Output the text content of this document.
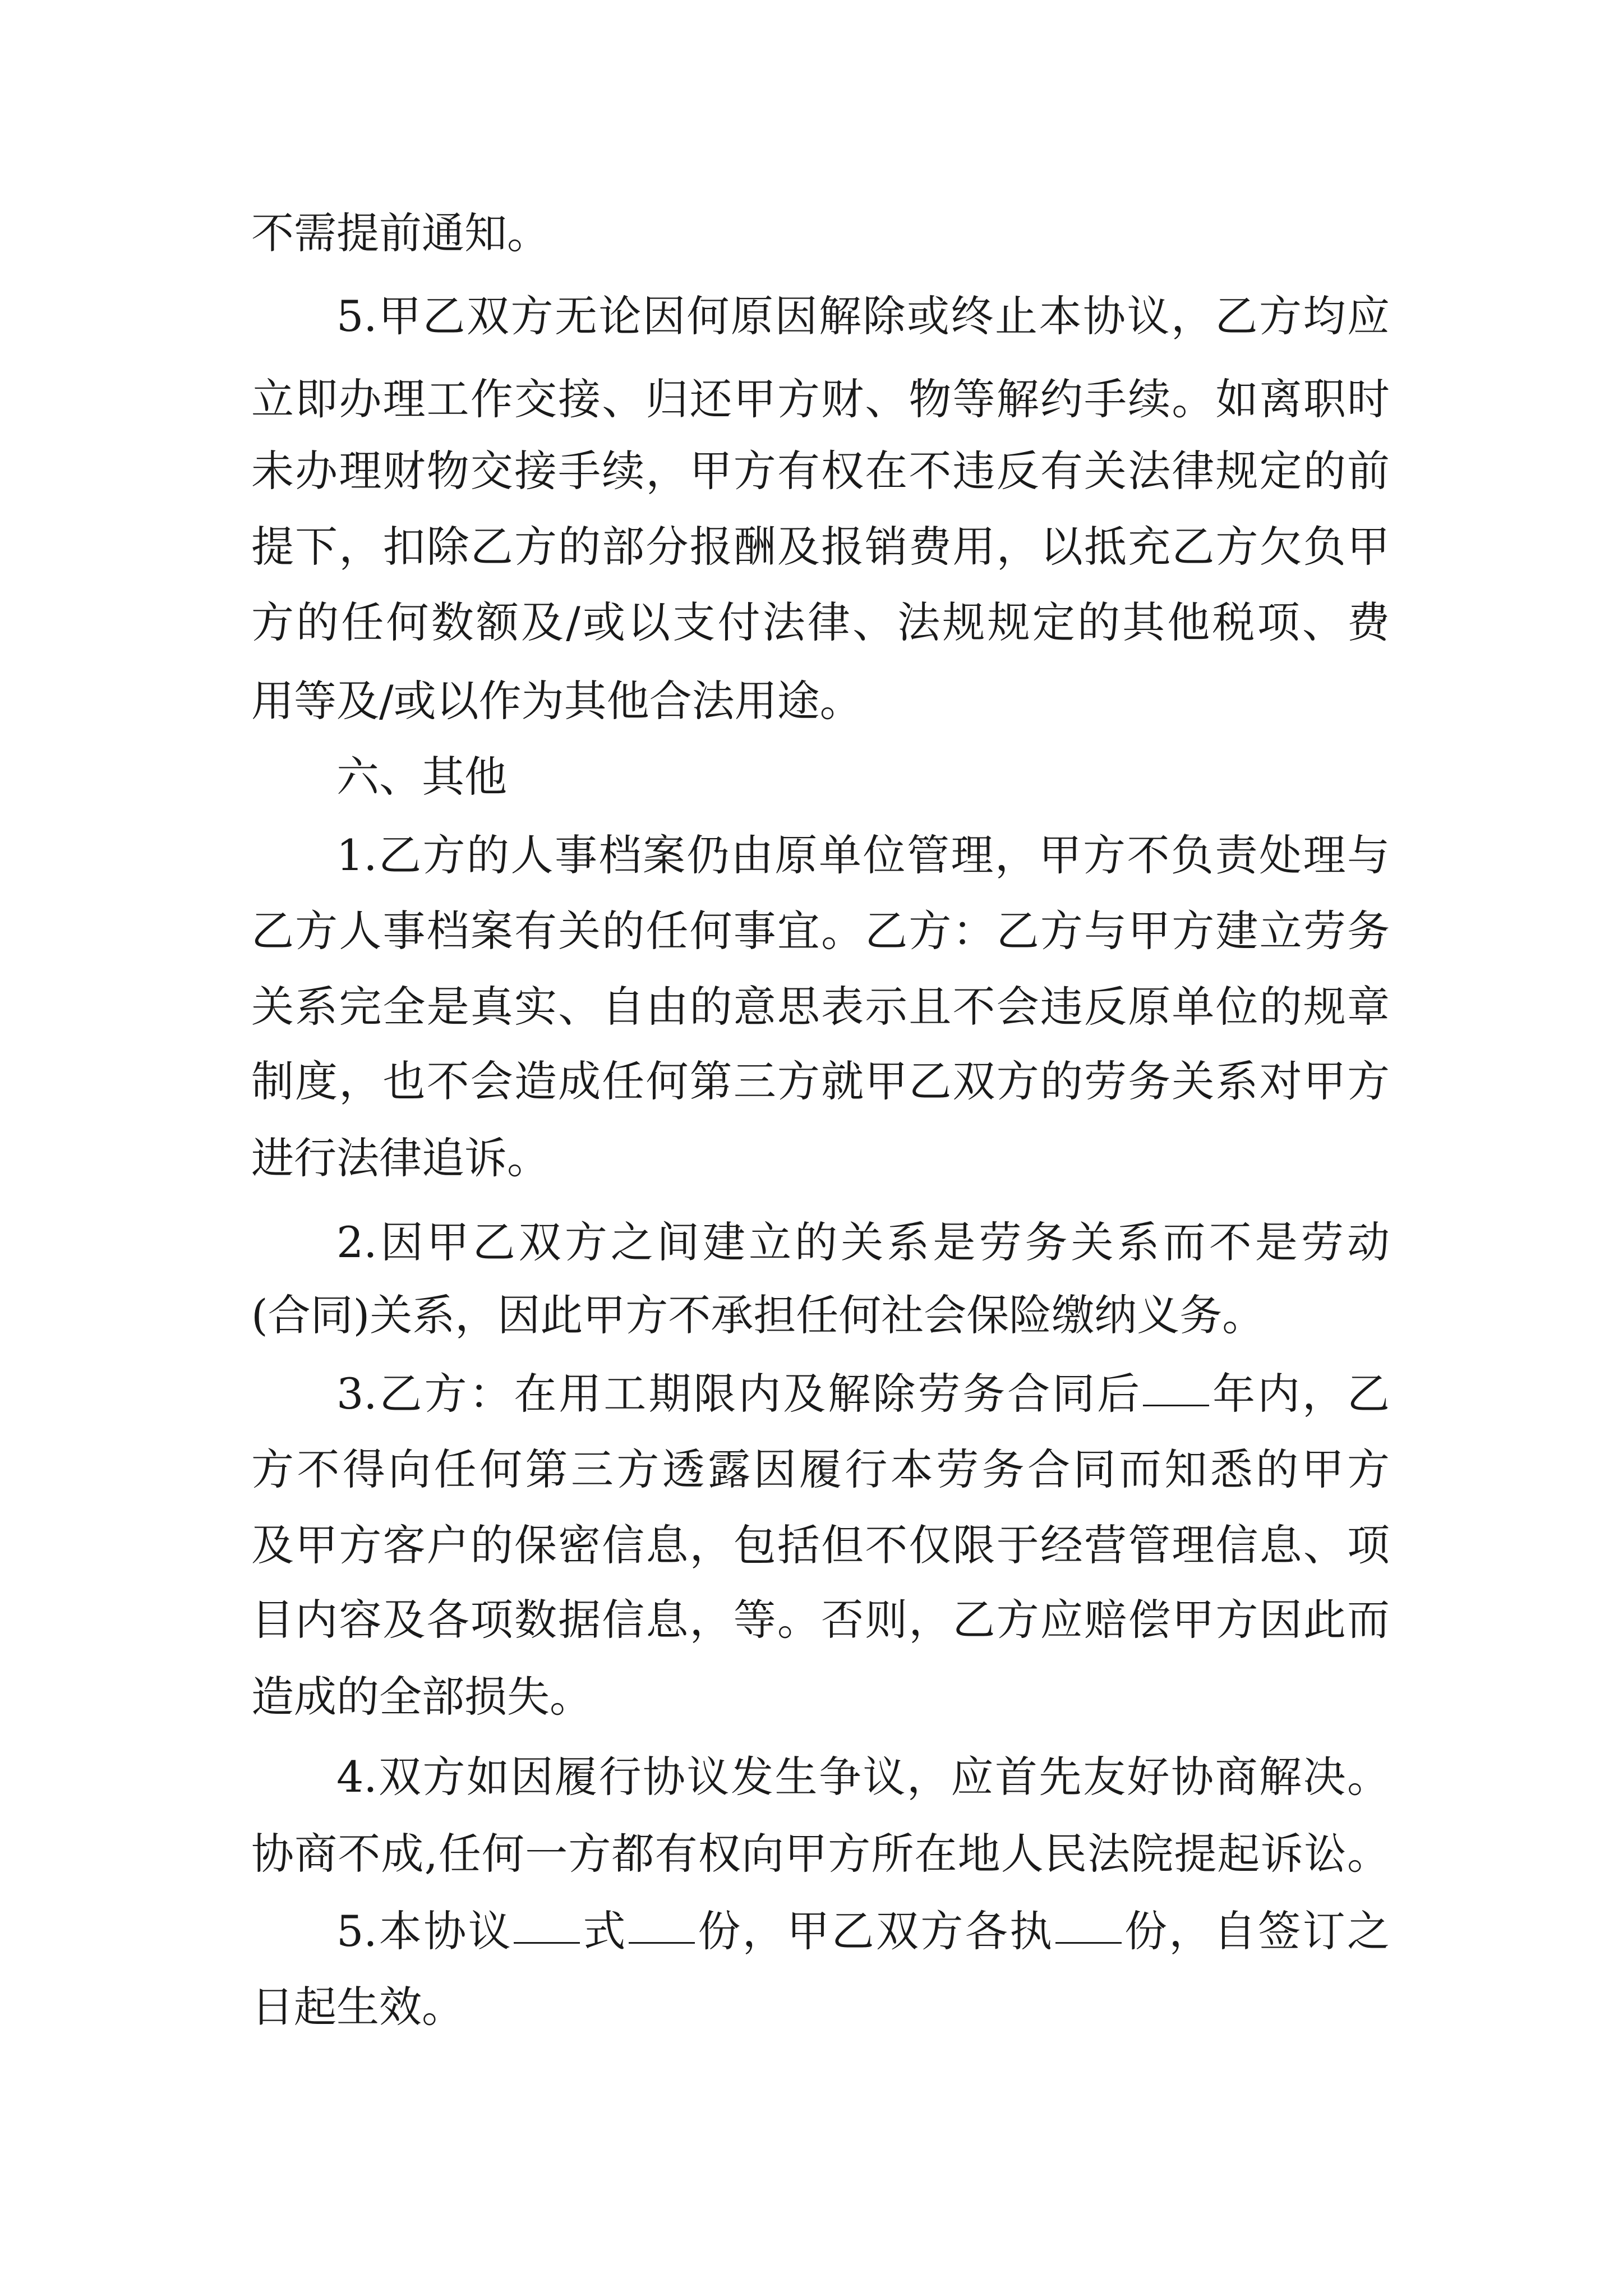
不需提前通知。
5.甲乙双方无论因何原因解除或终止本协议，乙方均应
立即办理工作交接、归还甲方财、物等解约手续。如离职时
未办理财物交接手续，甲方有权在不违反有关法律规定的前
提下，扣除乙方的部分报酬及报销费用，以抵充乙方欠负甲
方的任何数额及/或以支付法律、法规规定的其他税项、费
用等及/或以作为其他合法用途。
六、其他
1.乙方的人事档案仍由原单位管理，甲方不负责处理与
乙方人事档案有关的任何事宜。乙方：乙方与甲方建立劳务
关系完全是真实、自由的意思表示且不会违反原单位的规章
制度，也不会造成任何第三方就甲乙双方的劳务关系对甲方
进行法律追诉。
2.因甲乙双方之间建立的关系是劳务关系而不是劳动
(合同)关系，因此甲方不承担任何社会保险缴纳义务。
3.乙方：在用工期限内及解除劳务合同后 年内，乙
方不得向任何第三方透露因履行本劳务合同而知悉的甲方
及甲方客户的保密信息，包括但不仅限于经营管理信息、项
目内容及各项数据信息，等。否则，乙方应赔偿甲方因此而
造成的全部损失。
4.双方如因履行协议发生争议，应首先友好协商解决。
协商不成,任何一方都有权向甲方所在地人民法院提起诉讼。
5.本协议 式 份，甲乙双方各执 份，自签订之
日起生效。
